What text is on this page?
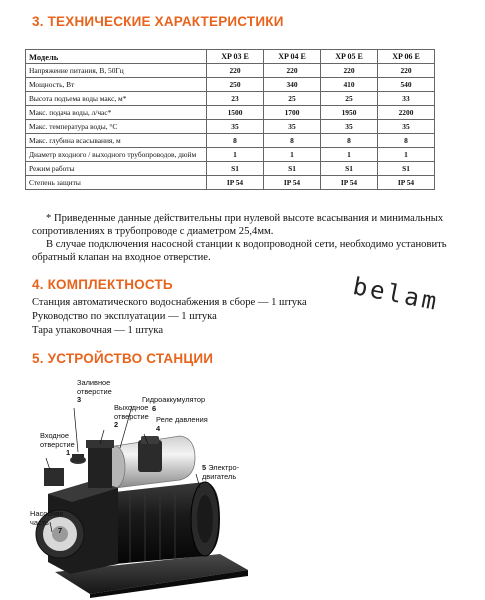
3. ТЕХНИЧЕСКИЕ ХАРАКТЕРИСТИКИ
Модель	XP 03 E	XP 04 E	XP 05 E	XP 06 E
Напряжение питания, В, 50Гц	220	220	220	220
Мощность, Вт	250	340	410	540
Высота подъема воды макс, м*	23	25	25	33
Макс. подача воды, л/час*	1500	1700	1950	2200
Макс. температура воды, °С	35	35	35	35
Макс. глубина всасывания, м	8	8	8	8
Диаметр входного / выходного трубопроводов, дюйм	1	1	1	1
Режим работы	S1	S1	S1	S1
Степень защиты	IP 54	IP 54	IP 54	IP 54
* Приведенные данные действительны при нулевой высоте всасывания и минимальных сопротивлениях в трубопроводе с диаметром 25,4мм.
В случае подключения насосной станции к водопроводной сети, необходимо установить обратный клапан на входное отверстие.
4. КОМПЛЕКТНОСТЬ
Станция автоматического водоснабжения в сборе — 1 штука
Руководство по эксплуатации — 1 штука
Тара упаковочная — 1 штука
belam
5. УСТРОЙСТВО СТАНЦИИ
Заливное
отверстие
3
Выходное
отверстие
2
Гидроаккумулятор
6
Реле давления
4
Входное
отверстие
1
5 Электро-
двигатель
Насосная
часть
7
